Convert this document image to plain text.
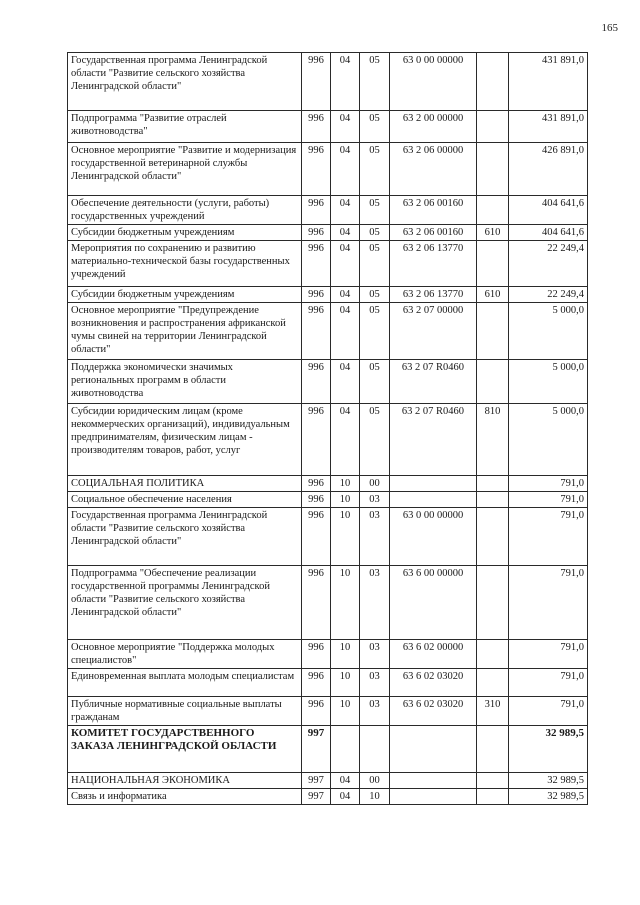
165
Государственная программа Ленинградской области "Развитие сельского хозяйства Ленинградской области"	996	04	05	63 0 00 00000		431 891,0
Подпрограмма "Развитие отраслей животноводства"	996	04	05	63 2 00 00000		431 891,0
Основное мероприятие "Развитие и модернизация государственной ветеринарной службы Ленинградской области"	996	04	05	63 2 06 00000		426 891,0
Обеспечение деятельности (услуги, работы) государственных учреждений	996	04	05	63 2 06 00160		404 641,6
Субсидии бюджетным учреждениям	996	04	05	63 2 06 00160	610	404 641,6
Мероприятия по сохранению и развитию материально-технической базы государственных учреждений	996	04	05	63 2 06 13770		22 249,4
Субсидии бюджетным учреждениям	996	04	05	63 2 06 13770	610	22 249,4
Основное мероприятие "Предупреждение возникновения и распространения африканской чумы свиней на территории Ленинградской области"	996	04	05	63 2 07 00000		5 000,0
Поддержка экономически значимых региональных программ в области животноводства	996	04	05	63 2 07 R0460		5 000,0
Субсидии юридическим лицам (кроме некоммерческих организаций), индивидуальным предпринимателям, физическим лицам - производителям товаров, работ, услуг	996	04	05	63 2 07 R0460	810	5 000,0
СОЦИАЛЬНАЯ ПОЛИТИКА	996	10	00			791,0
Социальное обеспечение населения	996	10	03			791,0
Государственная программа Ленинградской области "Развитие сельского хозяйства Ленинградской области"	996	10	03	63 0 00 00000		791,0
Подпрограмма "Обеспечение реализации государственной программы Ленинградской области "Развитие сельского хозяйства Ленинградской области"	996	10	03	63 6 00 00000		791,0
Основное мероприятие "Поддержка молодых специалистов"	996	10	03	63 6 02 00000		791,0
Единовременная выплата молодым специалистам	996	10	03	63 6 02 03020		791,0
Публичные нормативные социальные выплаты гражданам	996	10	03	63 6 02 03020	310	791,0
КОМИТЕТ ГОСУДАРСТВЕННОГО ЗАКАЗА ЛЕНИНГРАДСКОЙ ОБЛАСТИ	997					32 989,5
НАЦИОНАЛЬНАЯ ЭКОНОМИКА	997	04	00			32 989,5
Связь и информатика	997	04	10			32 989,5
